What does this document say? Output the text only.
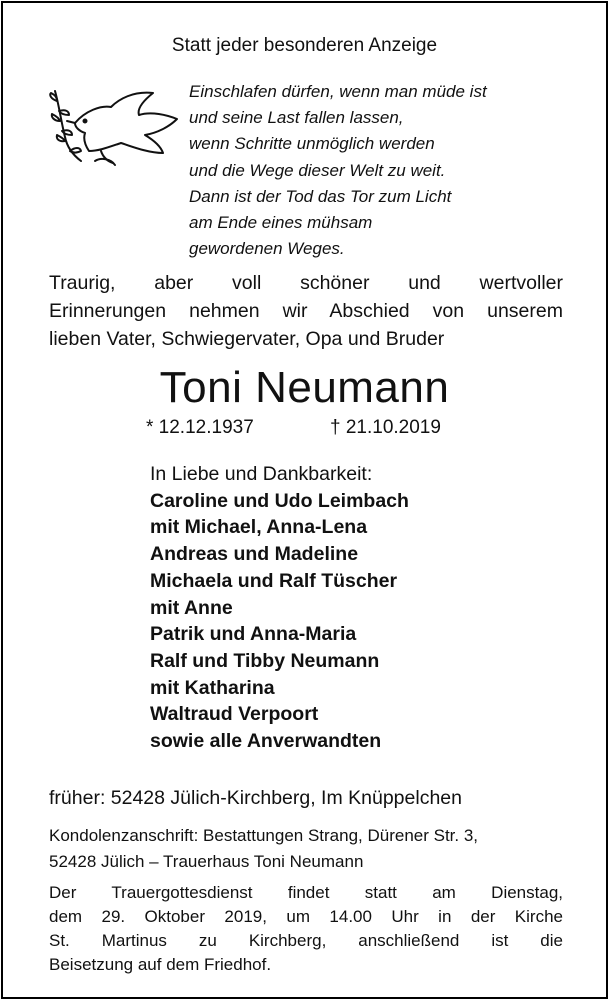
Statt jeder besonderen Anzeige
Einschlafen dürfen, wenn man müde ist
und seine Last fallen lassen,
wenn Schritte unmöglich werden
und die Wege dieser Welt zu weit.
Dann ist der Tod das Tor zum Licht
am Ende eines mühsam
gewordenen Weges.
Traurig, aber voll schöner und wertvoller
Erinnerungen nehmen wir Abschied von unserem
lieben Vater, Schwiegervater, Opa und Bruder
Toni Neumann
* 12.12.1937	† 21.10.2019
In Liebe und Dankbarkeit:
Caroline und Udo Leimbach
mit Michael, Anna-Lena
Andreas und Madeline
Michaela und Ralf Tüscher
mit Anne
Patrik und Anna-Maria
Ralf und Tibby Neumann
mit Katharina
Waltraud Verpoort
sowie alle Anverwandten
früher: 52428 Jülich-Kirchberg, Im Knüppelchen
Kondolenzanschrift: Bestattungen Strang, Dürener Str. 3,
52428 Jülich – Trauerhaus Toni Neumann
Der Trauergottesdienst findet statt am Dienstag,
dem 29. Oktober 2019, um 14.00 Uhr in der Kirche
St. Martinus zu Kirchberg, anschließend ist die
Beisetzung auf dem Friedhof.
